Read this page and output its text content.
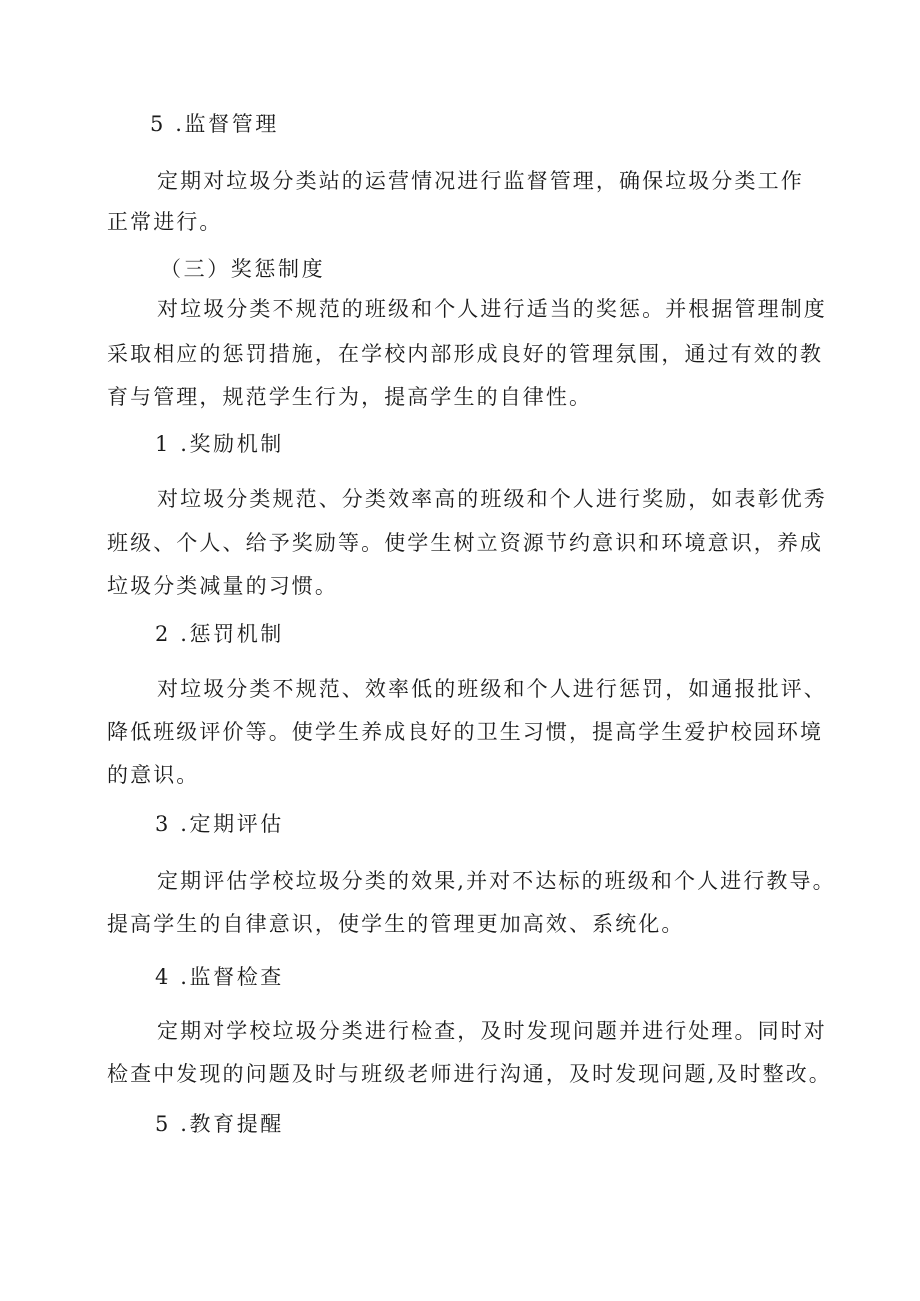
5 .监督管理
定期对垃圾分类站的运营情况进行监督管理，确保垃圾分类工作
正常进行。
（三）奖惩制度
对垃圾分类不规范的班级和个人进行适当的奖惩。并根据管理制度
采取相应的惩罚措施，在学校内部形成良好的管理氛围，通过有效的教
育与管理，规范学生行为，提高学生的自律性。
1 .奖励机制
对垃圾分类规范、分类效率高的班级和个人进行奖励，如表彰优秀
班级、个人、给予奖励等。使学生树立资源节约意识和环境意识，养成
垃圾分类减量的习惯。
2 .惩罚机制
对垃圾分类不规范、效率低的班级和个人进行惩罚，如通报批评、
降低班级评价等。使学生养成良好的卫生习惯，提高学生爱护校园环境
的意识。
3 .定期评估
定期评估学校垃圾分类的效果,并对不达标的班级和个人进行教导。
提高学生的自律意识，使学生的管理更加高效、系统化。
4 .监督检查
定期对学校垃圾分类进行检查，及时发现问题并进行处理。同时对
检查中发现的问题及时与班级老师进行沟通，及时发现问题,及时整改。
5 .教育提醒
